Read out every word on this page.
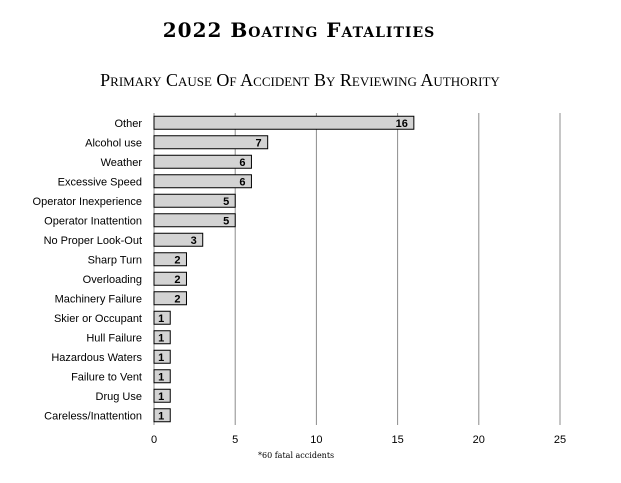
2022 Boating Fatalities
Primary Cause Of Accident By Reviewing Authority
0	5	10	15	20	25
Other	16
Alcohol use	7
Weather	6
Excessive Speed	6
Operator Inexperience	5
Operator Inattention	5
No Proper Look-Out	3
Sharp Turn	2
Overloading	2
Machinery Failure	2
Skier or Occupant 1
Hull Failure 1
Hazardous Waters 1
Failure to Vent 1
Drug Use 1
Careless/Inattention 1
*60 fatal accidents
